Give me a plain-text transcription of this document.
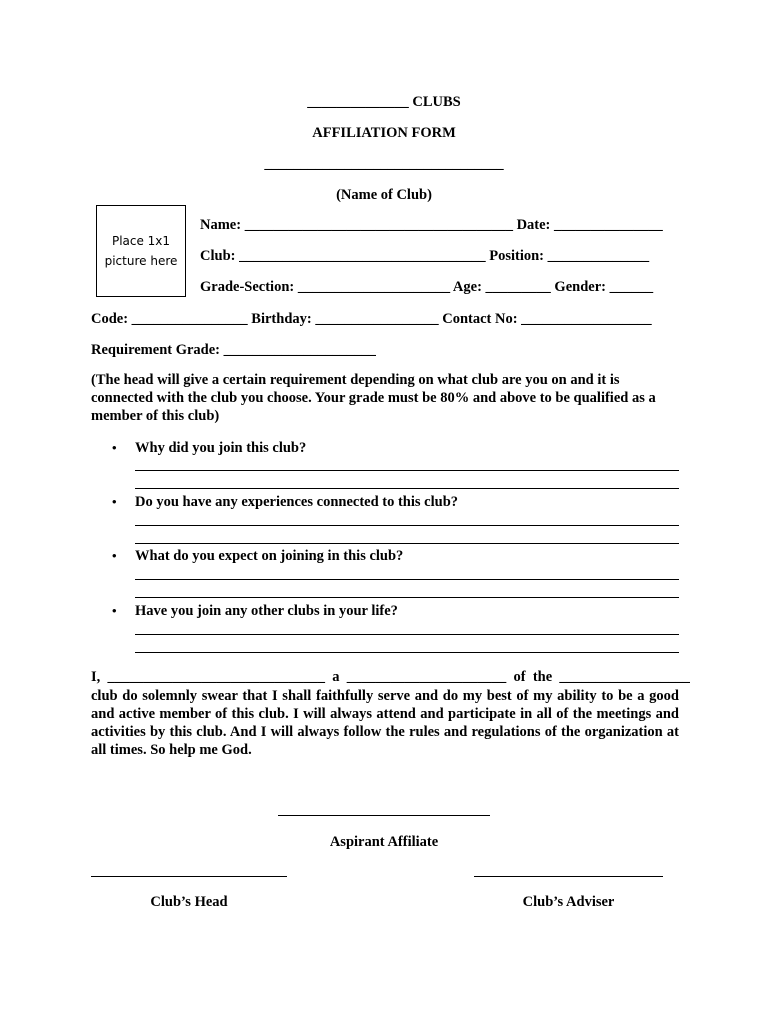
______________ CLUBS
AFFILIATION FORM
_________________________________
(Name of Club)
Place 1x1
picture here
Name: _____________________________________ Date: _______________
Club: __________________________________ Position: ______________
Grade-Section: _____________________ Age: _________ Gender: ______
Code: ________________ Birthday: _________________ Contact No: __________________
Requirement Grade: _____________________
(The head will give a certain requirement depending on what club are you on and it is connected with the club you choose. Your grade must be 80% and above to be qualified as a member of this club)
• Why did you join this club?
• Do you have any experiences connected to this club?
• What do you expect on joining in this club?
• Have you join any other clubs in your life?
I,  ______________________________  a  ______________________  of  the  __________________
club do solemnly swear that I shall faithfully serve and do my best of my ability to be a good and active member of this club. I will always attend and participate in all of the meetings and activities by this club. And I will always follow the rules and regulations of the organization at all times. So help me God.
Aspirant Affiliate
Club’s Head	Club’s Adviser
